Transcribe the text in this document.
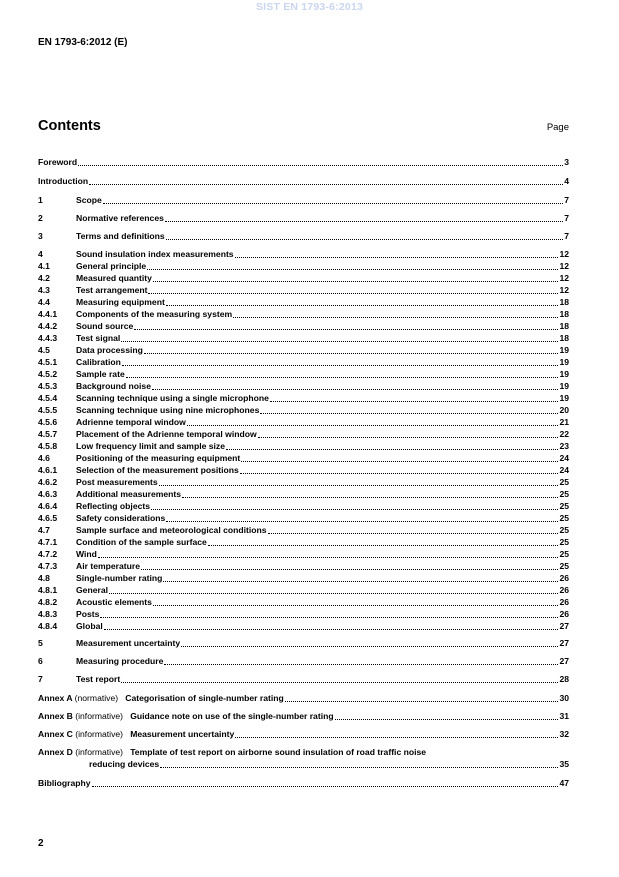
SIST EN 1793-6:2013
EN 1793-6:2012 (E)
Contents	Page
Foreword	3
Introduction	4
1	Scope	7
2	Normative references	7
3	Terms and definitions	7
4	Sound insulation index measurements	12
4.1	General principle	12
4.2	Measured quantity	12
4.3	Test arrangement	12
4.4	Measuring equipment	18
4.4.1	Components of the measuring system	18
4.4.2	Sound source	18
4.4.3	Test signal	18
4.5	Data processing	19
4.5.1	Calibration	19
4.5.2	Sample rate	19
4.5.3	Background noise	19
4.5.4	Scanning technique using a single microphone	19
4.5.5	Scanning technique using nine microphones	20
4.5.6	Adrienne temporal window	21
4.5.7	Placement of the Adrienne temporal window	22
4.5.8	Low frequency limit and sample size	23
4.6	Positioning of the measuring equipment	24
4.6.1	Selection of the measurement positions	24
4.6.2	Post measurements	25
4.6.3	Additional measurements	25
4.6.4	Reflecting objects	25
4.6.5	Safety considerations	25
4.7	Sample surface and meteorological conditions	25
4.7.1	Condition of the sample surface	25
4.7.2	Wind	25
4.7.3	Air temperature	25
4.8	Single-number rating	26
4.8.1	General	26
4.8.2	Acoustic elements	26
4.8.3	Posts	26
4.8.4	Global	27
5	Measurement uncertainty	27
6	Measuring procedure	27
7	Test report	28
Annex A (normative) Categorisation of single-number rating	30
Annex B (informative) Guidance note on use of the single-number rating	31
Annex C (informative) Measurement uncertainty	32
Annex D (informative) Template of test report on airborne sound insulation of road traffic noise
reducing devices	35
Bibliography	47
2
